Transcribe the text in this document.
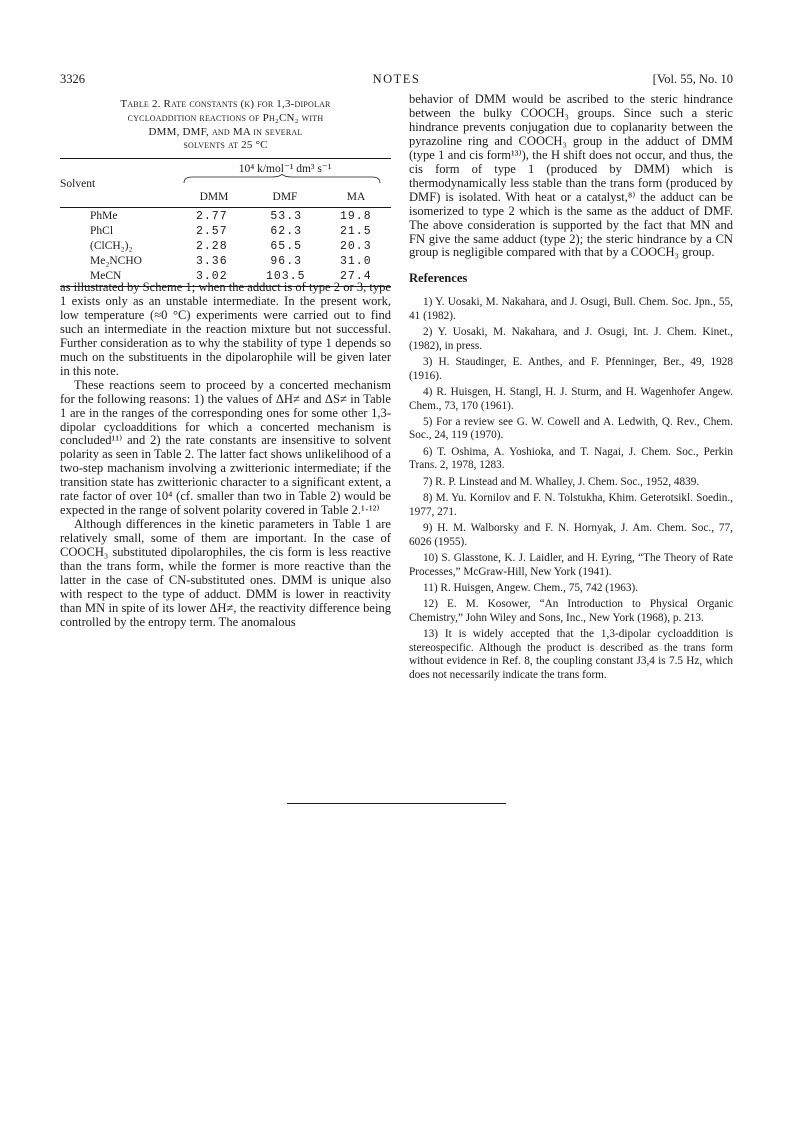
3326	NOTES	[Vol. 55, No. 10
Table 2. Rate constants (k) for 1,3-dipolar
cycloaddition reactions of Ph₂CN₂ with
DMM, DMF, and MA in several
solvents at 25 °C
10⁴ k/mol⁻¹ dm³ s⁻¹
Solvent
DMM	DMF	MA
PhMe	2.77	53.3	19.8
PhCl	2.57	62.3	21.5
(ClCH₂)₂	2.28	65.5	20.3
Me₂NCHO	3.36	96.3	31.0
MeCN	3.02	103.5	27.4

as illustrated by Scheme 1; when the adduct is of type 2 or 3, type 1 exists only as an unstable intermediate. In the present work, low temperature (≈0 °C) experiments were carried out to find such an intermediate in the reaction mixture but not successful. Further consideration as to why the stability of type 1 depends so much on the substituents in the dipolarophile will be given later in this note.

These reactions seem to proceed by a concerted mechanism for the following reasons: 1) the values of ΔH≠ and ΔS≠ in Table 1 are in the ranges of the corresponding ones for some other 1,3-dipolar cycloadditions for which a concerted mechanism is concluded¹¹⁾ and 2) the rate constants are insensitive to solvent polarity as seen in Table 2. The latter fact shows unlikelihood of a two-step machanism involving a zwitterionic intermediate; if the transition state has zwitterionic character to a significant extent, a rate factor of over 10⁴ (cf. smaller than two in Table 2) would be expected in the range of solvent polarity covered in Table 2.¹·¹²⁾

Although differences in the kinetic parameters in Table 1 are relatively small, some of them are important. In the case of COOCH₃ substituted dipolarophiles, the cis form is less reactive than the trans form, while the former is more reactive than the latter in the case of CN-substituted ones. DMM is unique also with respect to the type of adduct. DMM is lower in reactivity than MN in spite of its lower ΔH≠, the reactivity difference being controlled by the entropy term. The anomalous

behavior of DMM would be ascribed to the steric hindrance between the bulky COOCH₃ groups. Since such a steric hindrance prevents conjugation due to coplanarity between the pyrazoline ring and COOCH₃ group in the adduct of DMM (type 1 and cis form¹³⁾), the H shift does not occur, and thus, the cis form of type 1 (produced by DMM) which is thermodynamically less stable than the trans form (produced by DMF) is isolated. With heat or a catalyst,⁸⁾ the adduct can be isomerized to type 2 which is the same as the adduct of DMF. The above consideration is supported by the fact that MN and FN give the same adduct (type 2); the steric hindrance by a CN group is negligible compared with that by a COOCH₃ group.

References
1) Y. Uosaki, M. Nakahara, and J. Osugi, Bull. Chem. Soc. Jpn., 55, 41 (1982).
2) Y. Uosaki, M. Nakahara, and J. Osugi, Int. J. Chem. Kinet., (1982), in press.
3) H. Staudinger, E. Anthes, and F. Pfenninger, Ber., 49, 1928 (1916).
4) R. Huisgen, H. Stangl, H. J. Sturm, and H. Wagenhofer Angew. Chem., 73, 170 (1961).
5) For a review see G. W. Cowell and A. Ledwith, Q. Rev., Chem. Soc., 24, 119 (1970).
6) T. Oshima, A. Yoshioka, and T. Nagai, J. Chem. Soc., Perkin Trans. 2, 1978, 1283.
7) R. P. Linstead and M. Whalley, J. Chem. Soc., 1952, 4839.
8) M. Yu. Kornilov and F. N. Tolstukha, Khim. Geterotsikl. Soedin., 1977, 271.
9) H. M. Walborsky and F. N. Hornyak, J. Am. Chem. Soc., 77, 6026 (1955).
10) S. Glasstone, K. J. Laidler, and H. Eyring, “The Theory of Rate Processes,” McGraw-Hill, New York (1941).
11) R. Huisgen, Angew. Chem., 75, 742 (1963).
12) E. M. Kosower, “An Introduction to Physical Organic Chemistry,” John Wiley and Sons, Inc., New York (1968), p. 213.
13) It is widely accepted that the 1,3-dipolar cycloaddition is stereospecific. Although the product is described as the trans form without evidence in Ref. 8, the coupling constant J3,4 is 7.5 Hz, which does not necessarily indicate the trans form.
